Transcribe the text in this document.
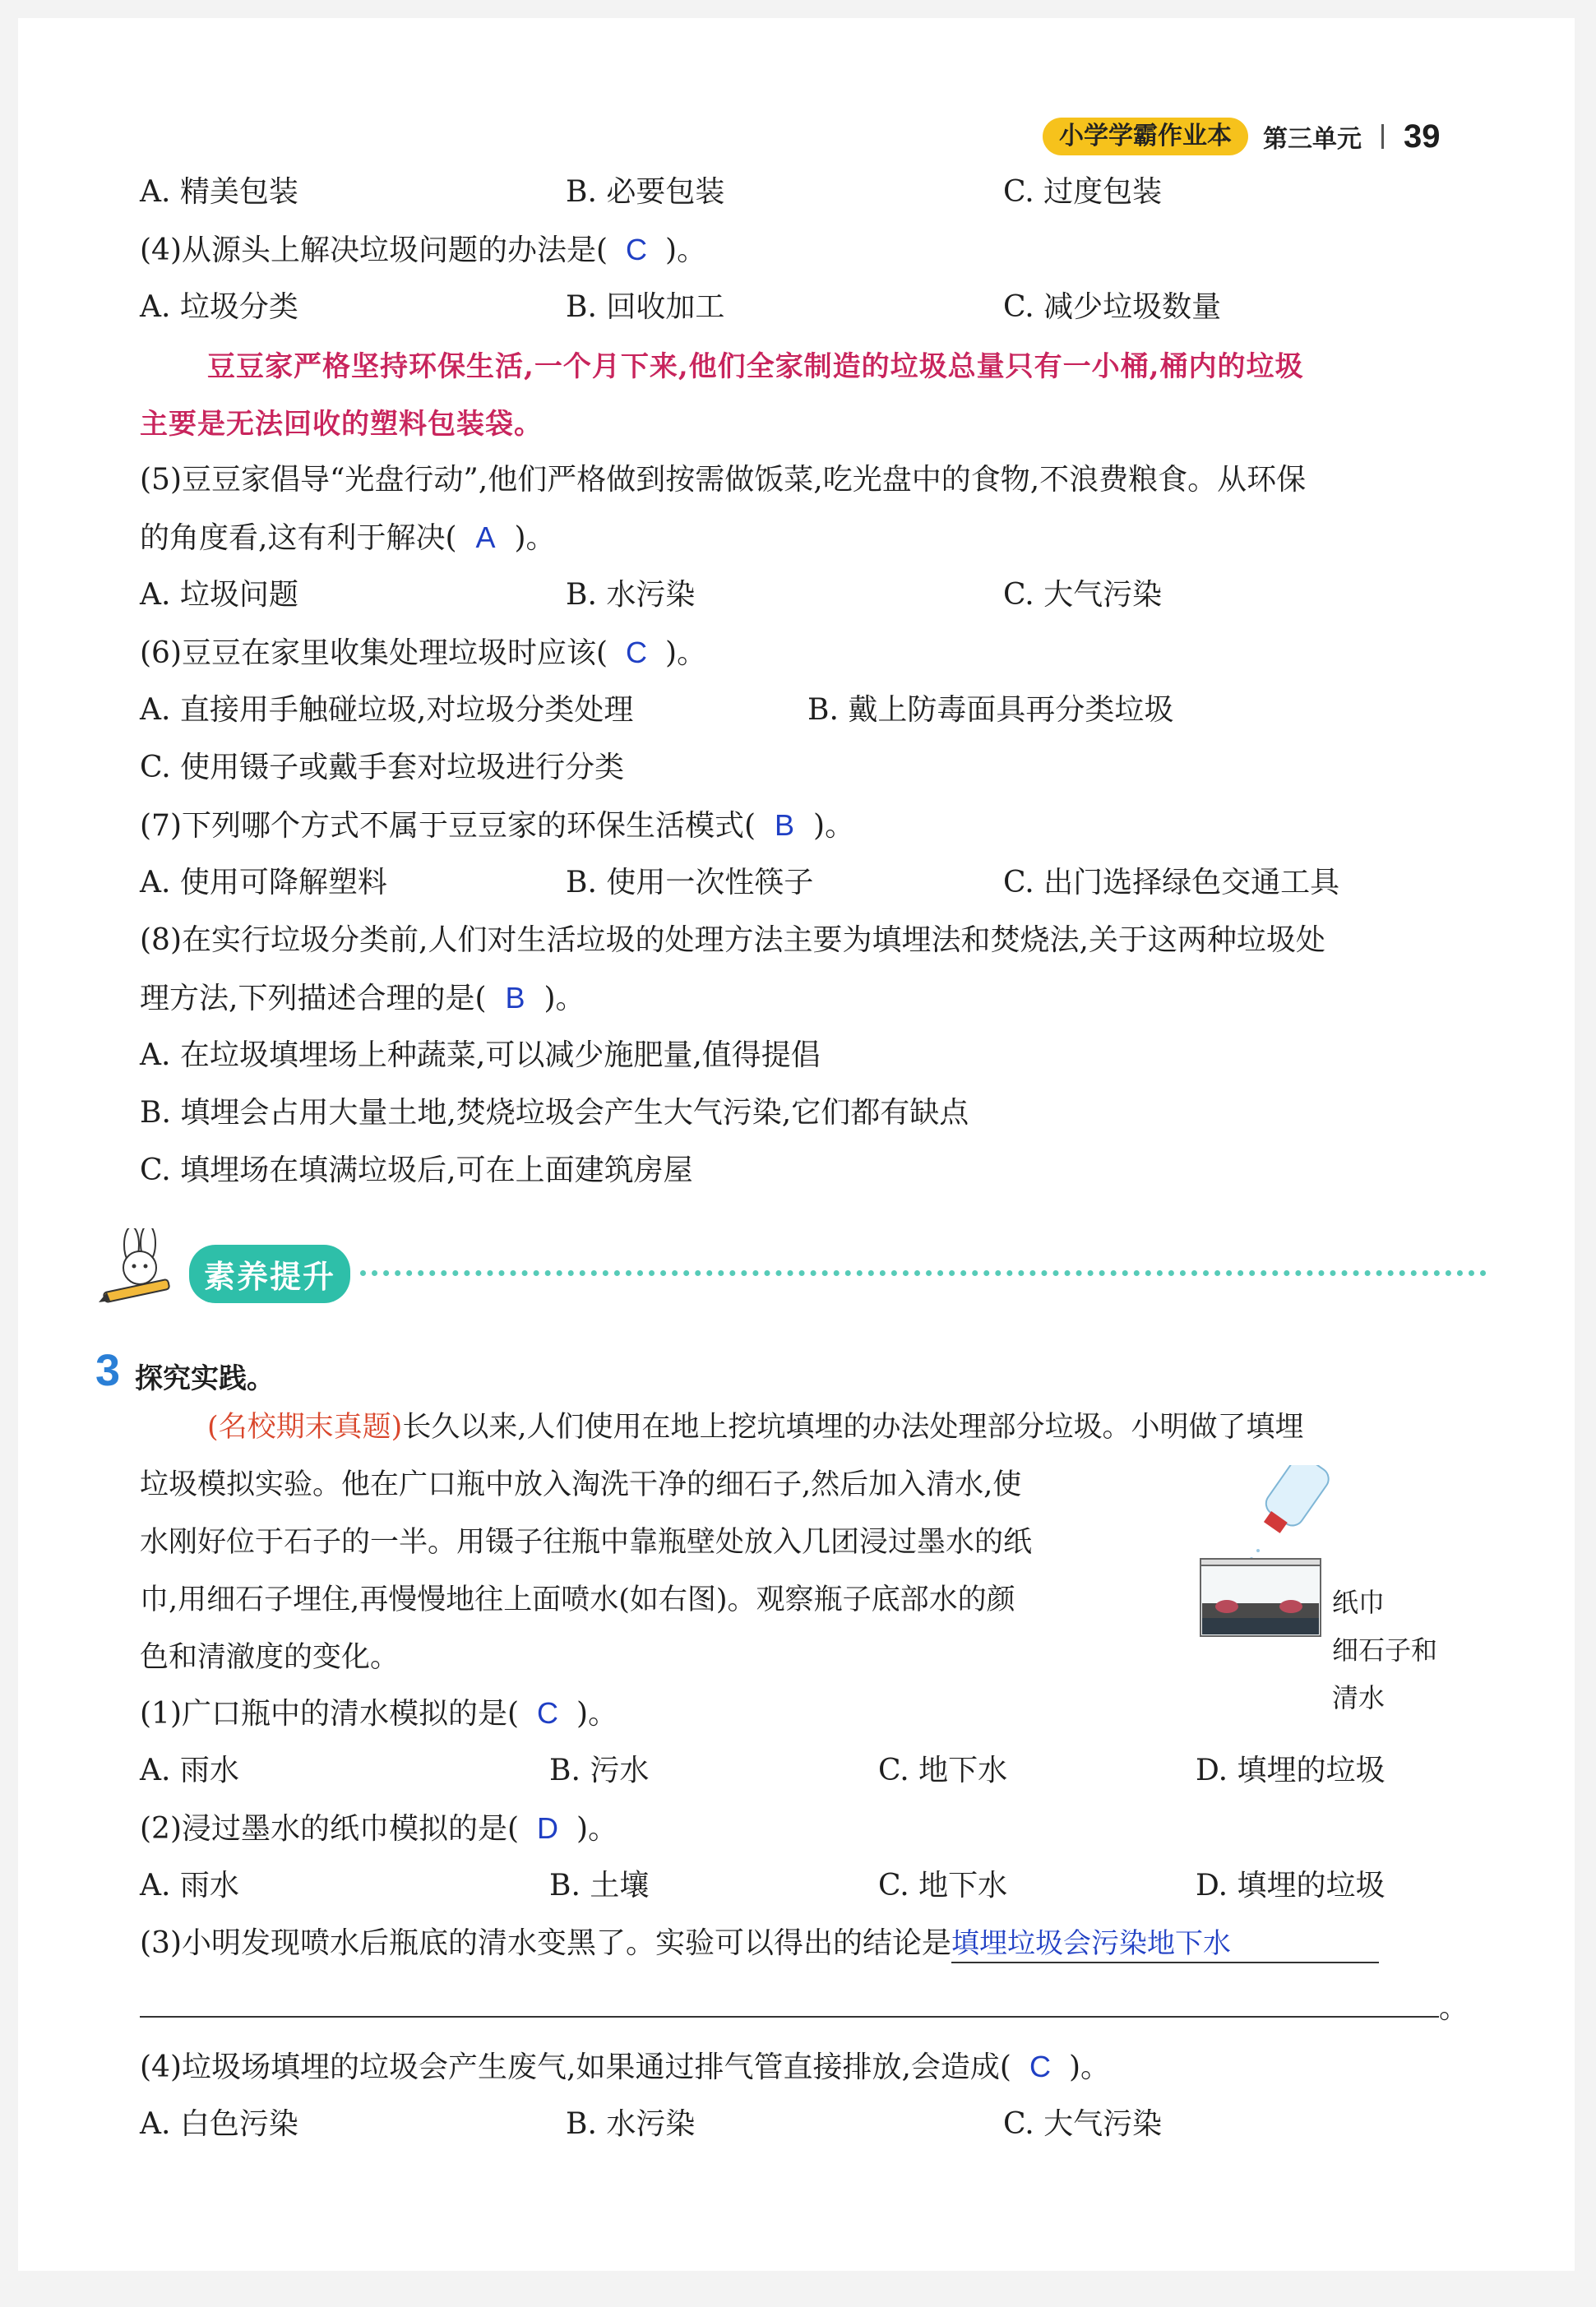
小学学霸作业本	第三单元 39
A. 精美包装	B. 必要包装	C. 过度包装
(4)从源头上解决垃圾问题的办法是( C )。
A. 垃圾分类	B. 回收加工	C. 减少垃圾数量
豆豆家严格坚持环保生活,一个月下来,他们全家制造的垃圾总量只有一小桶,桶内的垃圾
主要是无法回收的塑料包装袋。
(5)豆豆家倡导“光盘行动”,他们严格做到按需做饭菜,吃光盘中的食物,不浪费粮食。从环保
的角度看,这有利于解决( A )。
A. 垃圾问题	B. 水污染	C. 大气污染
(6)豆豆在家里收集处理垃圾时应该( C )。
A. 直接用手触碰垃圾,对垃圾分类处理	B. 戴上防毒面具再分类垃圾
C. 使用镊子或戴手套对垃圾进行分类
(7)下列哪个方式不属于豆豆家的环保生活模式( B )。
A. 使用可降解塑料	B. 使用一次性筷子	C. 出门选择绿色交通工具
(8)在实行垃圾分类前,人们对生活垃圾的处理方法主要为填埋法和焚烧法,关于这两种垃圾处
理方法,下列描述合理的是( B )。
A. 在垃圾填埋场上种蔬菜,可以减少施肥量,值得提倡
B. 填埋会占用大量土地,焚烧垃圾会产生大气污染,它们都有缺点
C. 填埋场在填满垃圾后,可在上面建筑房屋
素养提升
3 探究实践。
(名校期末真题)长久以来,人们使用在地上挖坑填埋的办法处理部分垃圾。小明做了填埋
垃圾模拟实验。他在广口瓶中放入淘洗干净的细石子,然后加入清水,使
水刚好位于石子的一半。用镊子往瓶中靠瓶壁处放入几团浸过墨水的纸
巾,用细石子埋住,再慢慢地往上面喷水(如右图)。观察瓶子底部水的颜
色和清澈度的变化。
纸巾
细石子和
清水
(1)广口瓶中的清水模拟的是( C )。
A. 雨水	B. 污水	C. 地下水	D. 填埋的垃圾
(2)浸过墨水的纸巾模拟的是( D )。
A. 雨水	B. 土壤	C. 地下水	D. 填埋的垃圾
(3)小明发现喷水后瓶底的清水变黑了。实验可以得出的结论是填埋垃圾会污染地下水
。
(4)垃圾场填埋的垃圾会产生废气,如果通过排气管直接排放,会造成( C )。
A. 白色污染	B. 水污染	C. 大气污染
